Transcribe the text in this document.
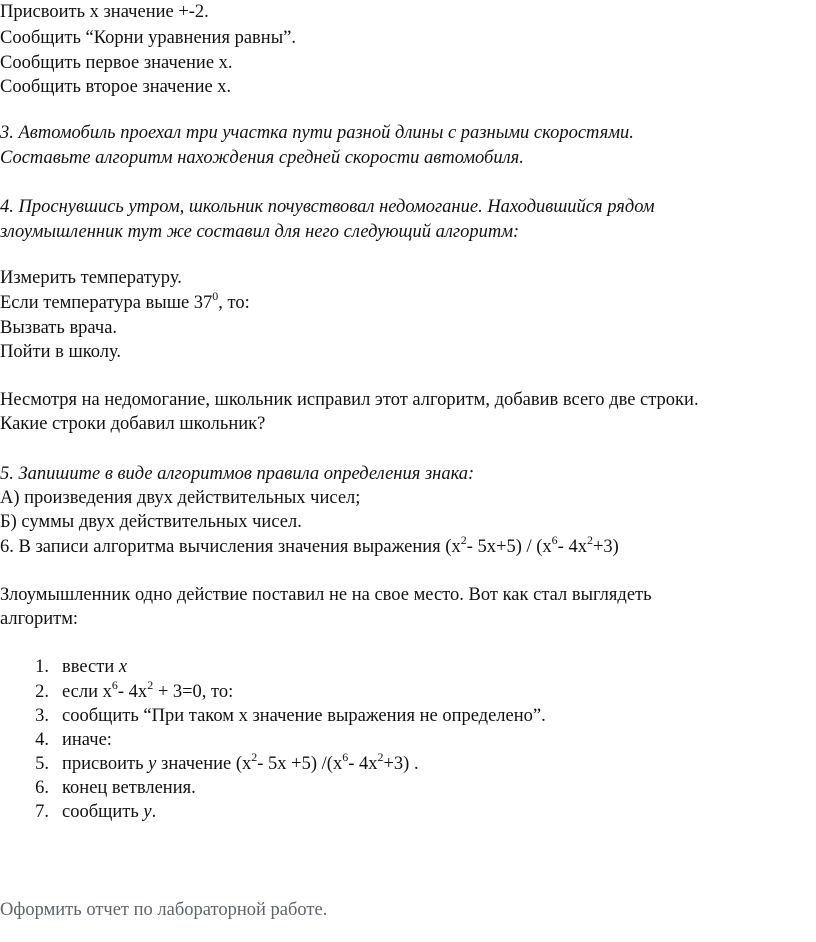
Присвоить x значение +-2.
Сообщить “Корни уравнения равны”.
Сообщить первое значение x.
Сообщить второе значение x.
3. Автомобиль проехал три участка пути разной длины с разными скоростями.
Составьте алгоритм нахождения средней скорости автомобиля.
4. Проснувшись утром, школьник почувствовал недомогание. Находившийся рядом
злоумышленник тут же составил для него следующий алгоритм:
Измерить температуру.
Если температура выше $37^0$, то:
Вызвать врача.
Пойти в школу.
Несмотря на недомогание, школьник исправил этот алгоритм, добавив всего две строки.
Какие строки добавил школьник?
5. Запишите в виде алгоритмов правила определения знака:
А) произведения двух действительных чисел;
Б) суммы двух действительных чисел.
6. В записи алгоритма вычисления значения выражения ($x^2-$ $5x+5) / (x^6-$ $4x^2+3$)
Злоумышленник одно действие поставил не на свое место. Вот как стал выглядеть
алгоритм:
1. ввести x
2. если $x^6-$ $4x^2 + 3=0$, то:
3. сообщить “При таком x значение выражения не определено”.
4. иначе:
5. присвоить y значение ($x^2-$ 5x +5) $/(x^6-$ $4x^2+3$) .
6. конец ветвления.
7. сообщить y.
Оформить отчет по лабораторной работе.
